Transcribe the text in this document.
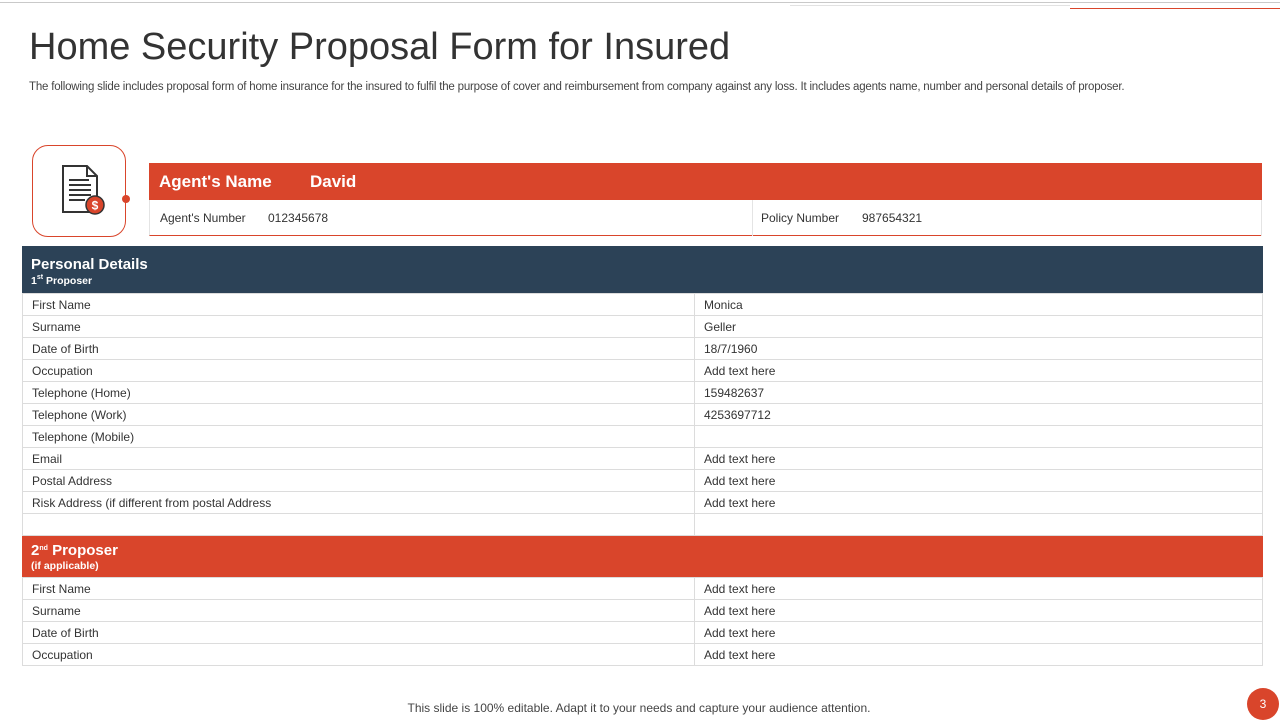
Home Security Proposal Form for Insured

The following slide includes proposal form of home insurance for the insured to fulfil the purpose of cover and reimbursement from company against any loss. It includes agents name, number and personal details of proposer.

$
Agent's Name David
Agent's Number 012345678	Policy Number 987654321
Personal Details
1st Proposer
First Name	Monica
Surname	Geller
Date of Birth	18/7/1960
Occupation	Add text here
Telephone (Home)	159482637
Telephone (Work)	4253697712
Telephone (Mobile)	
Email	Add text here
Postal Address	Add text here
Risk Address (if different from postal Address	Add text here

2nd Proposer
(if applicable)
First Name	Add text here
Surname	Add text here
Date of Birth	Add text here
Occupation	Add text here
This slide is 100% editable. Adapt it to your needs and capture your audience attention.	3
